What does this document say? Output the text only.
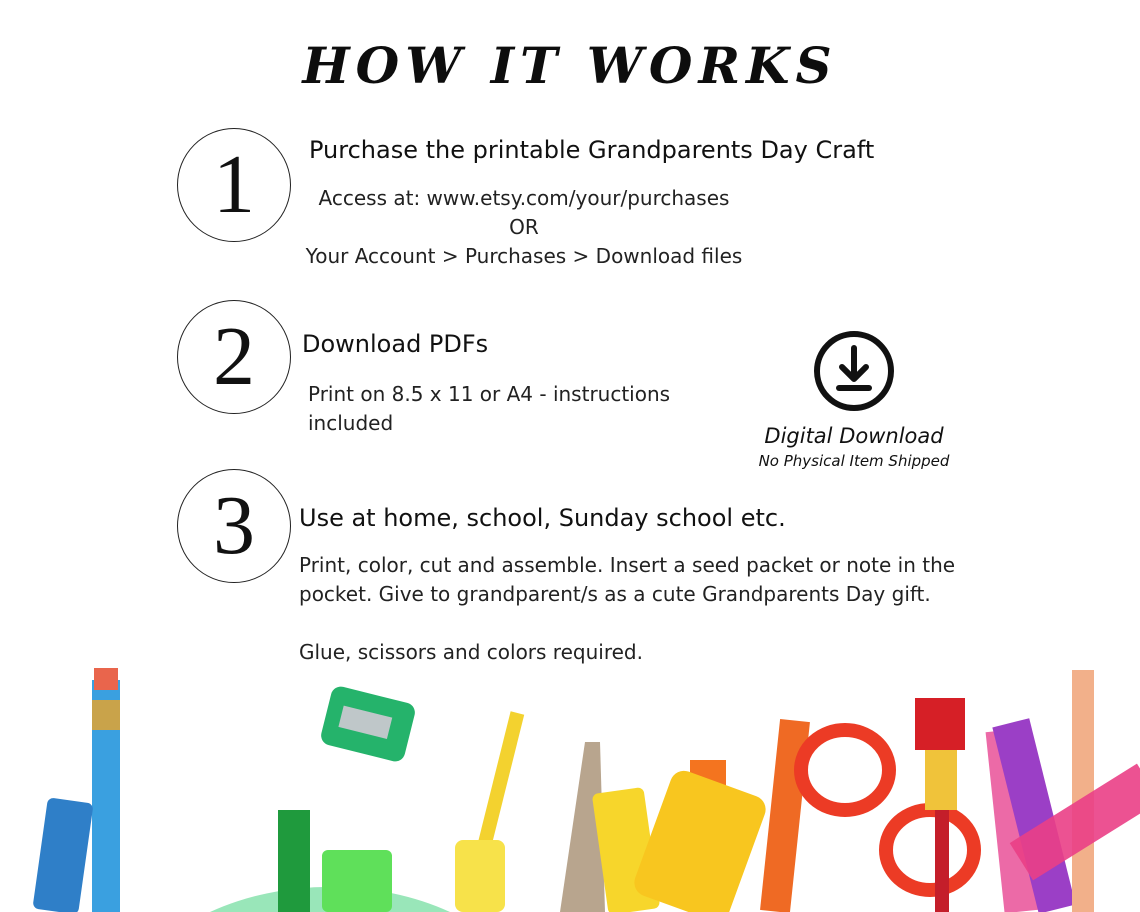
HOW IT WORKS
1	Purchase the printable Grandparents Day Craft
Access at: www.etsy.com/your/purchases
OR
Your Account > Purchases > Download files
2	Download PDFs
Print on 8.5 x 11 or A4 - instructions
included
Digital Download
No Physical Item Shipped
3	Use at home, school, Sunday school etc.
Print, color, cut and assemble. Insert a seed packet or note in the
pocket. Give to grandparent/s as a cute Grandparents Day gift.
Glue, scissors and colors required.
